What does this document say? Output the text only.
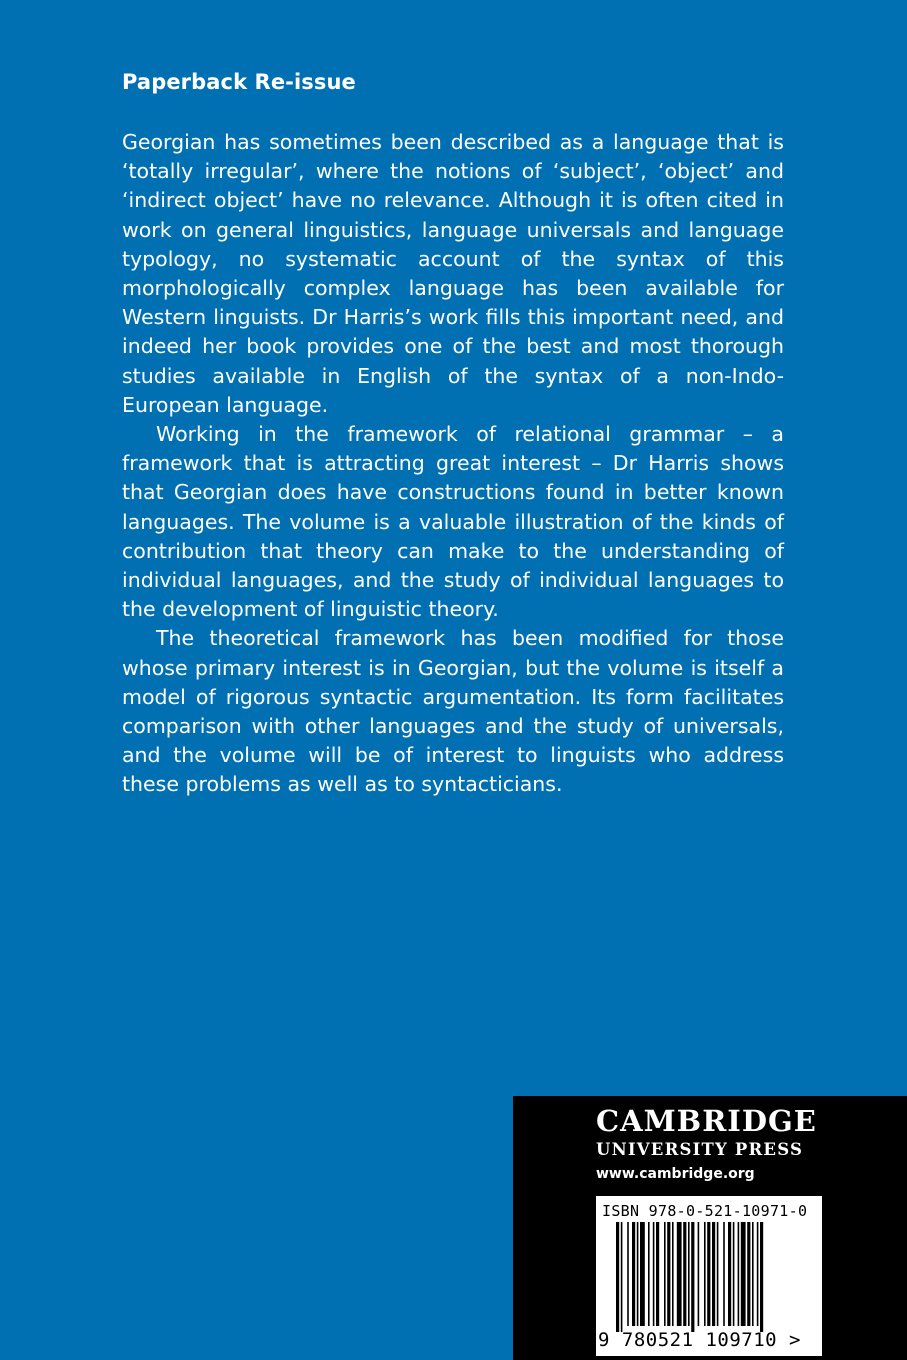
Paperback Re-issue

Georgian has sometimes been described as a language that is ‘totally irregular’, where the notions of ‘subject’, ‘object’ and ‘indirect object’ have no relevance. Although it is often cited in work on general linguistics, language universals and language typology, no systematic account of the syntax of this morphologically complex language has been available for Western linguists. Dr Harris’s work fills this important need, and indeed her book provides one of the best and most thorough studies available in English of the syntax of a non-Indo-European language.

Working in the framework of relational grammar – a framework that is attracting great interest – Dr Harris shows that Georgian does have constructions found in better known languages. The volume is a valuable illustration of the kinds of contribution that theory can make to the understanding of individual languages, and the study of individual languages to the development of linguistic theory.

The theoretical framework has been modified for those whose primary interest is in Georgian, but the volume is itself a model of rigorous syntactic argumentation. Its form facilitates comparison with other languages and the study of universals, and the volume will be of interest to linguists who address these problems as well as to syntacticians.

CAMBRIDGE
UNIVERSITY PRESS
www.cambridge.org
ISBN 978-0-521-10971-0
9 780521 109710 >
